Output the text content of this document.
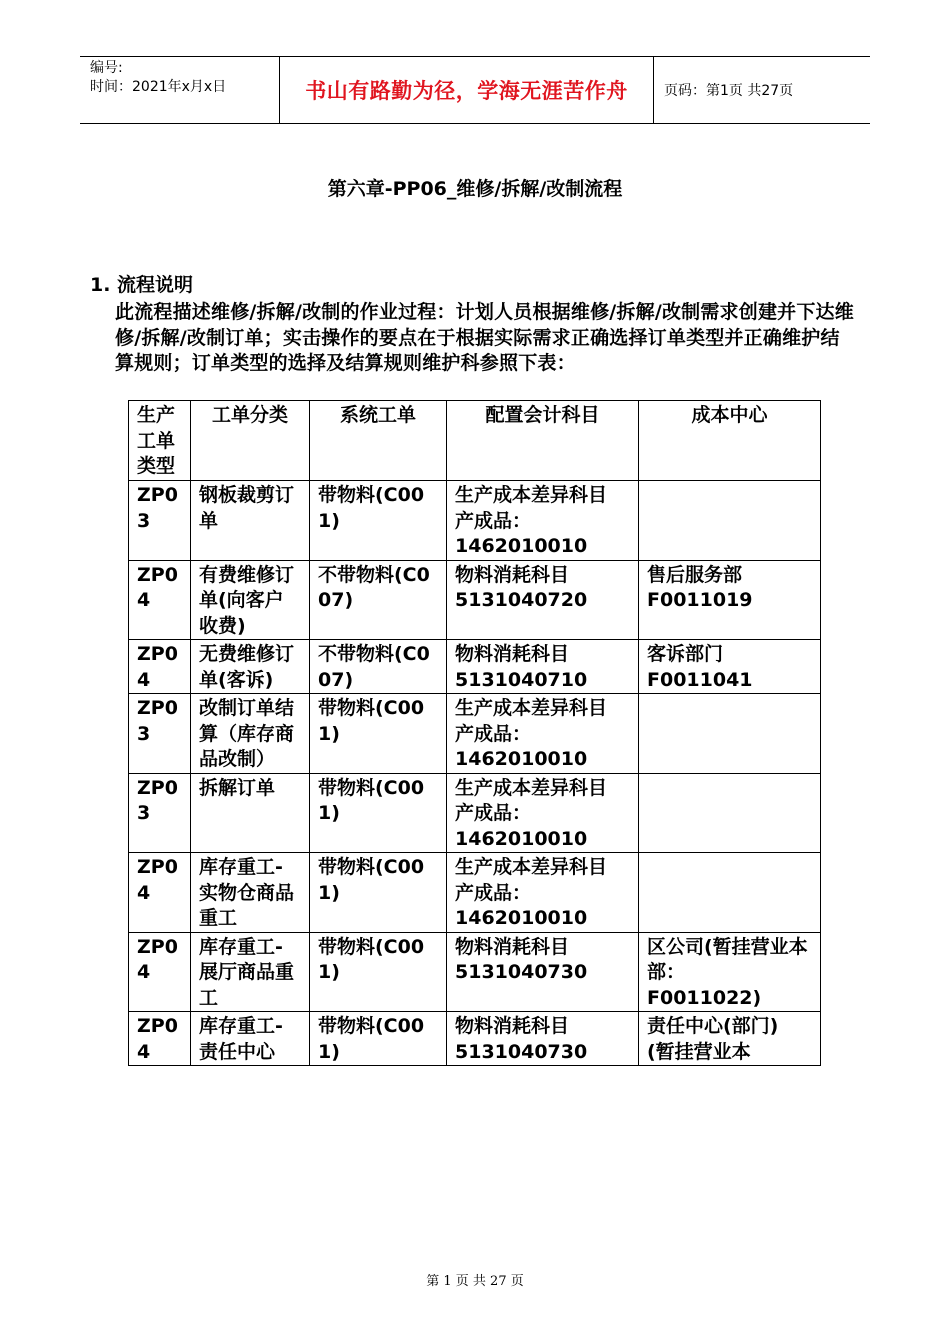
编号:
时间：2021年x月x日	书山有路勤为径，学海无涯苦作舟	页码：第1页 共27页
第六章-PP06_维修/拆解/改制流程
1. 流程说明
此流程描述维修/拆解/改制的作业过程：计划人员根据维修/拆解/改制需求创建并下达维修/拆解/改制订单；实击操作的要点在于根据实际需求正确选择订单类型并正确维护结算规则；订单类型的选择及结算规则维护科参照下表：
生产工单类型	工单分类	系统工单	配置会计科目	成本中心
ZP03	钢板裁剪订单	带物料(C001)	生产成本差异科目
产成品：
1462010010	

ZP04	有费维修订单(向客户收费)	不带物料(C007)	物料消耗科目
5131040720	售后服务部
F0011019

ZP04	无费维修订单(客诉)	不带物料(C007)	物料消耗科目
5131040710	客诉部门
F0011041

ZP03	改制订单结算（库存商品改制）	带物料(C001)	生产成本差异科目
产成品：
1462010010	

ZP03	拆解订单	带物料(C001)	生产成本差异科目
产成品：
1462010010	

ZP04	库存重工-实物仓商品重工	带物料(C001)	生产成本差异科目
产成品：
1462010010	

ZP04	库存重工-展厅商品重工	带物料(C001)	物料消耗科目
5131040730	区公司(暂挂营业本部：
F0011022)

ZP04	库存重工-责任中心	带物料(C001)	物料消耗科目
5131040730	责任中心(部门)
(暂挂营业本
第 1 页 共 27 页
